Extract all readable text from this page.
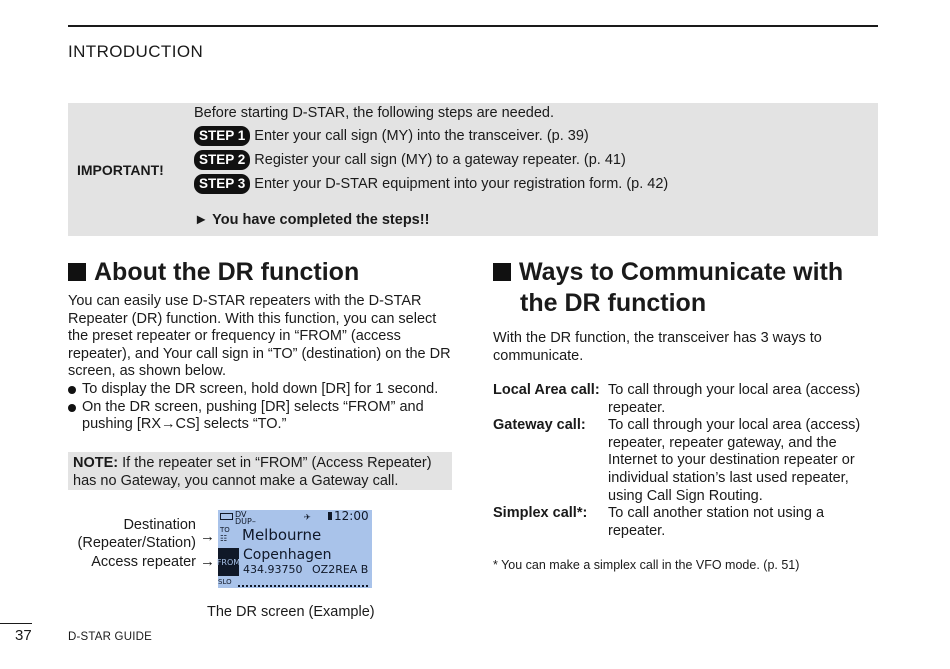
INTRODUCTION
IMPORTANT!
Before starting D-STAR, the following steps are needed.
STEP 1 Enter your call sign (MY) into the transceiver. (p. 39)
STEP 2 Register your call sign (MY) to a gateway repeater. (p. 41)
STEP 3 Enter your D-STAR equipment into your registration form. (p. 42)
► You have completed the steps!!
About the DR function
You can easily use D-STAR repeaters with the D-STAR Repeater (DR) function. With this function, you can select the preset repeater or frequency in “FROM” (access repeater), and Your call sign in “TO” (destination) on the DR screen, as shown below.
To display the DR screen, hold down [DR] for 1 second.
On the DR screen, pushing [DR] selects “FROM” and pushing [RX→CS] selects “TO.”
NOTE: If the repeater set in “FROM” (Access Repeater) has no Gateway, you cannot make a Gateway call.
Destination
(Repeater/Station) →
Access repeater →
DV
DUP–	✈ 12:00
TO
☷ Melbourne
FROM Copenhagen
434.93750 OZ2REA B
SLO
The DR screen (Example)
Ways to Communicate with
the DR function
With the DR function, the transceiver has 3 ways to communicate.
Local Area call: To call through your local area (access)
repeater.
Gateway call:	To call through your local area (access)
repeater, repeater gateway, and the
Internet to your destination repeater or
individual station’s last used repeater,
using Call Sign Routing.
Simplex call*:	To call another station not using a
repeater.
* You can make a simplex call in the VFO mode. (p. 51)
37	D-STAR GUIDE
